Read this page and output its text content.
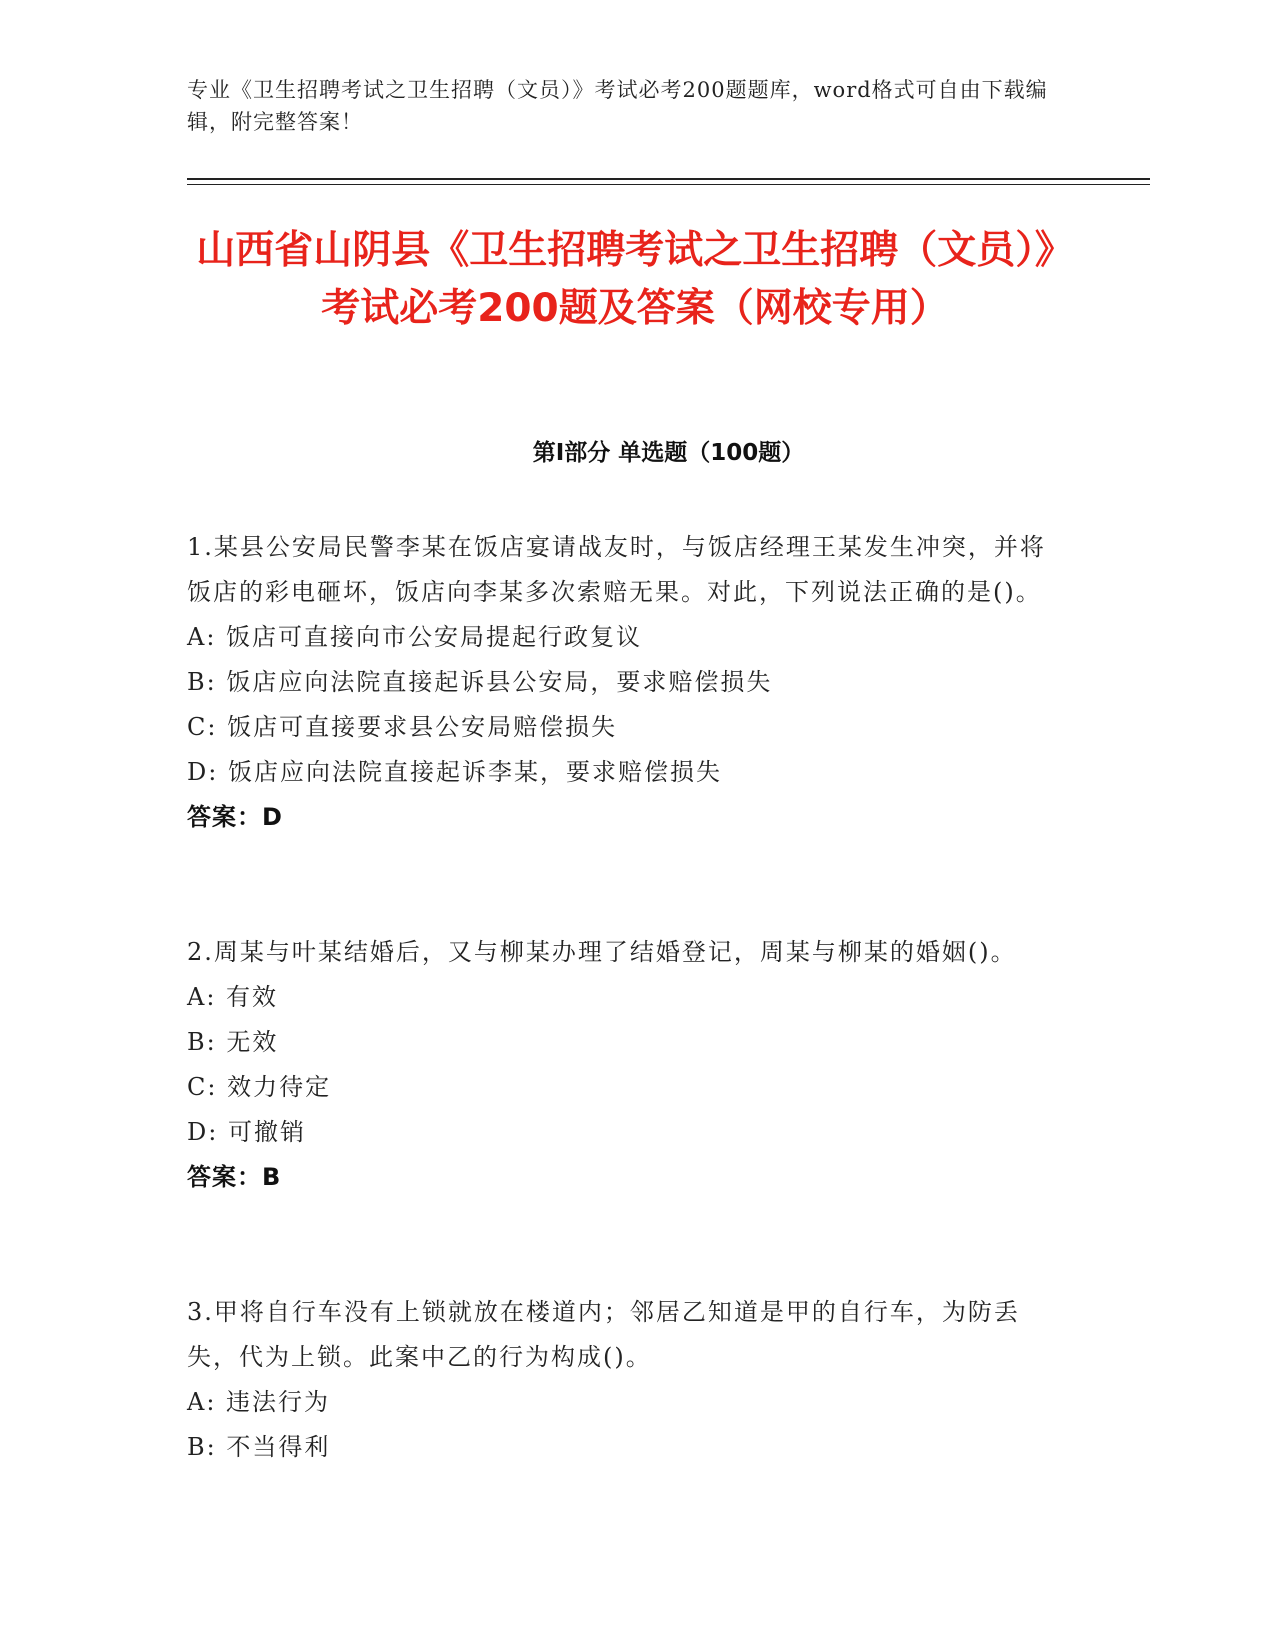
专业《卫生招聘考试之卫生招聘（文员）》考试必考200题题库，word格式可自由下载编辑，附完整答案！
山西省山阴县《卫生招聘考试之卫生招聘（文员）》考试必考200题及答案（网校专用）
第I部分 单选题（100题）

1.某县公安局民警李某在饭店宴请战友时，与饭店经理王某发生冲突，并将饭店的彩电砸坏，饭店向李某多次索赔无果。对此，下列说法正确的是()。

A: 饭店可直接向市公安局提起行政复议

B: 饭店应向法院直接起诉县公安局，要求赔偿损失

C: 饭店可直接要求县公安局赔偿损失

D: 饭店应向法院直接起诉李某，要求赔偿损失

答案：D

2.周某与叶某结婚后，又与柳某办理了结婚登记，周某与柳某的婚姻()。

A: 有效

B: 无效

C: 效力待定

D: 可撤销

答案：B

3.甲将自行车没有上锁就放在楼道内；邻居乙知道是甲的自行车，为防丢失，代为上锁。此案中乙的行为构成()。

A: 违法行为

B: 不当得利
